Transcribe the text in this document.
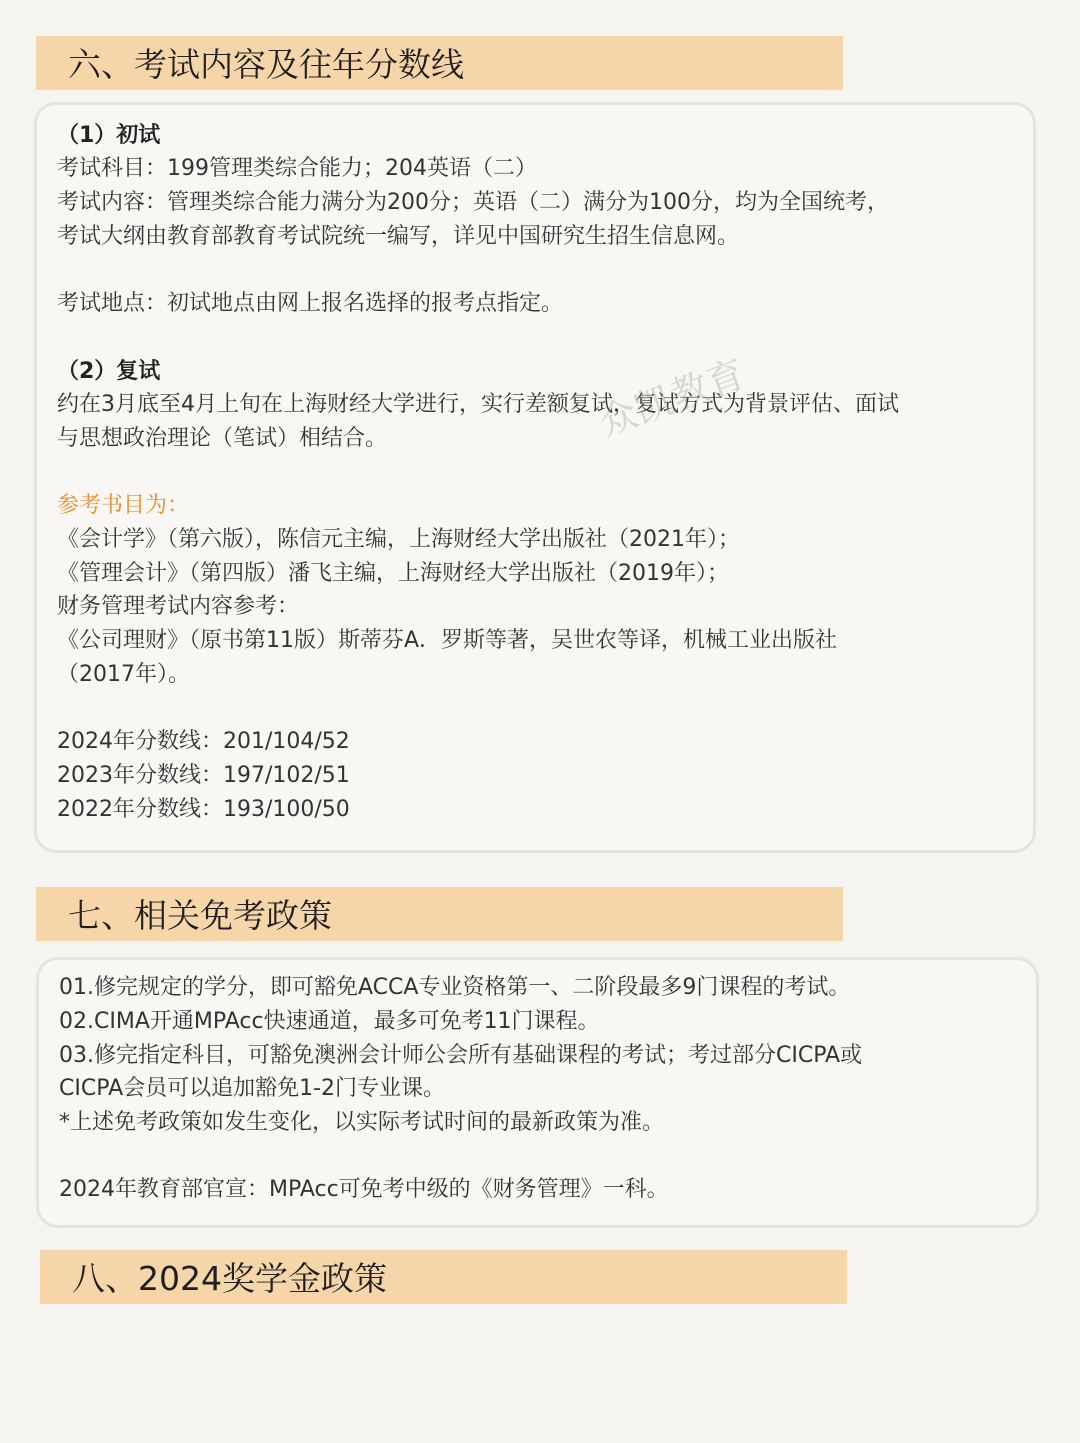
六、考试内容及往年分数线
（1）初试
考试科目：199管理类综合能力；204英语（二）
考试内容：管理类综合能力满分为200分；英语（二）满分为100分，均为全国统考，
考试大纲由教育部教育考试院统一编写，详见中国研究生招生信息网。
考试地点：初试地点由网上报名选择的报考点指定。
（2）复试
约在3月底至4月上旬在上海财经大学进行，实行差额复试，复试方式为背景评估、面试
与思想政治理论（笔试）相结合。
参考书目为：
《会计学》（第六版），陈信元主编，上海财经大学出版社（2021年）；
《管理会计》（第四版）潘飞主编，上海财经大学出版社（2019年）；
财务管理考试内容参考：
《公司理财》（原书第11版）斯蒂芬A．罗斯等著，吴世农等译，机械工业出版社
（2017年）。
2024年分数线：201/104/52
2023年分数线：197/102/51
2022年分数线：193/100/50
众凯教育
七、相关免考政策
01.修完规定的学分，即可豁免ACCA专业资格第一、二阶段最多9门课程的考试。
02.CIMA开通MPAcc快速通道，最多可免考11门课程。
03.修完指定科目，可豁免澳洲会计师公会所有基础课程的考试；考过部分CICPA或
CICPA会员可以追加豁免1-2门专业课。
*上述免考政策如发生变化，以实际考试时间的最新政策为准。
2024年教育部官宣：MPAcc可免考中级的《财务管理》一科。
八、2024奖学金政策
